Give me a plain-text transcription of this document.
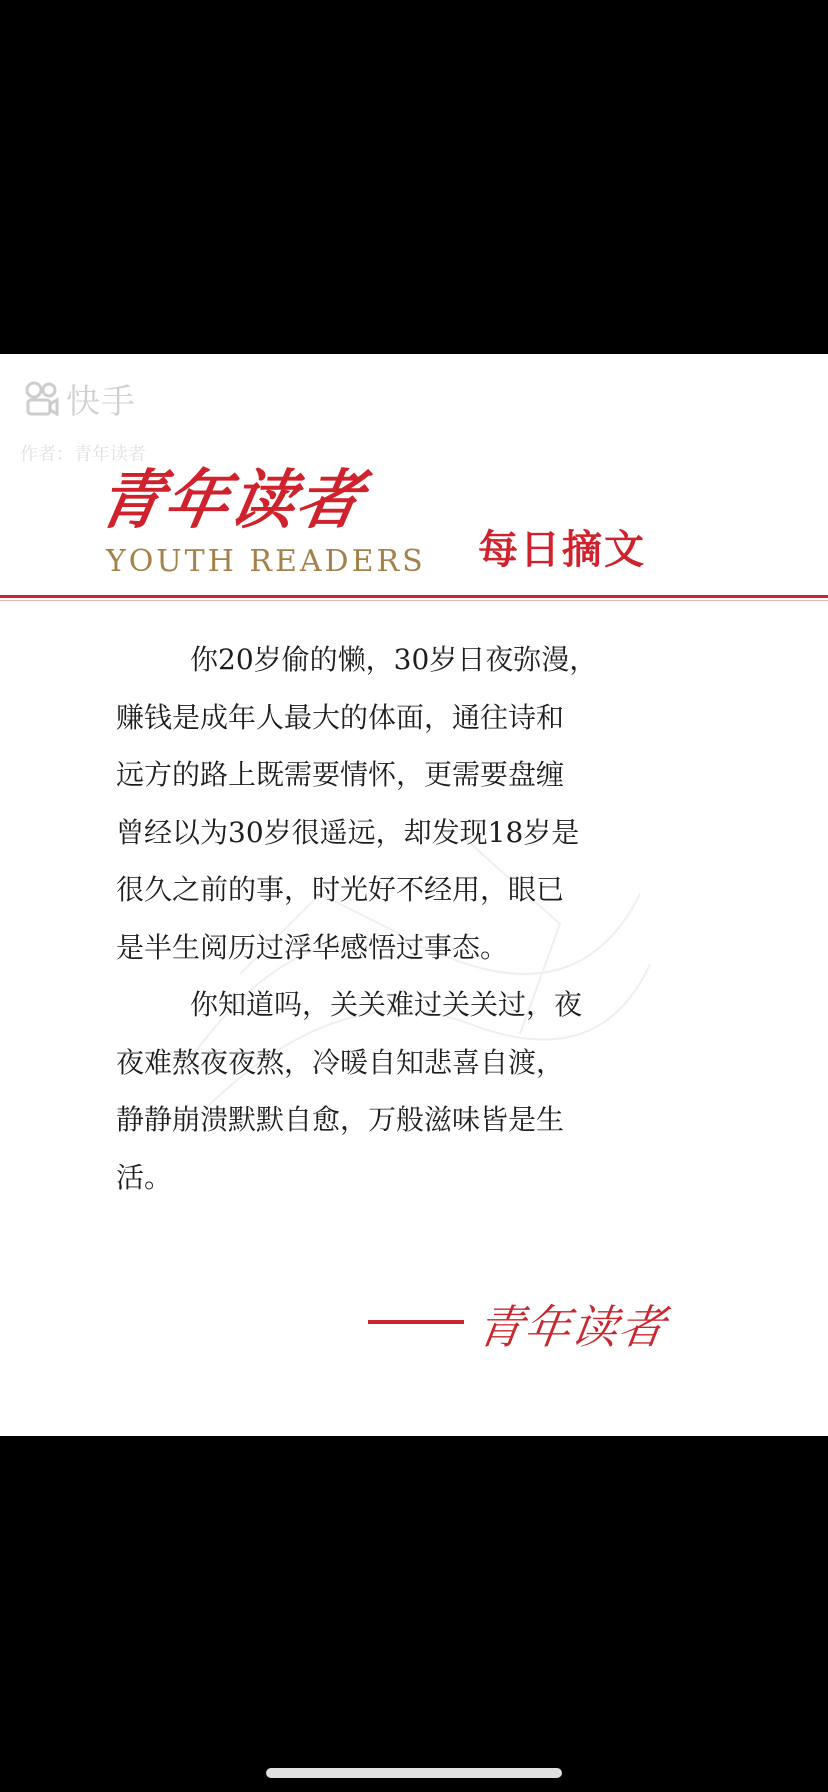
快手
作者：青年读者
青年读者
YOUTH READERS 每日摘文

你20岁偷的懒，30岁日夜弥漫，

赚钱是成年人最大的体面，通往诗和

远方的路上既需要情怀，更需要盘缠

曾经以为30岁很遥远，却发现18岁是

很久之前的事，时光好不经用，眼已

是半生阅历过浮华感悟过事态。

你知道吗，关关难过关关过，夜

夜难熬夜夜熬，冷暖自知悲喜自渡，

静静崩溃默默自愈，万般滋味皆是生

活。

青年读者
